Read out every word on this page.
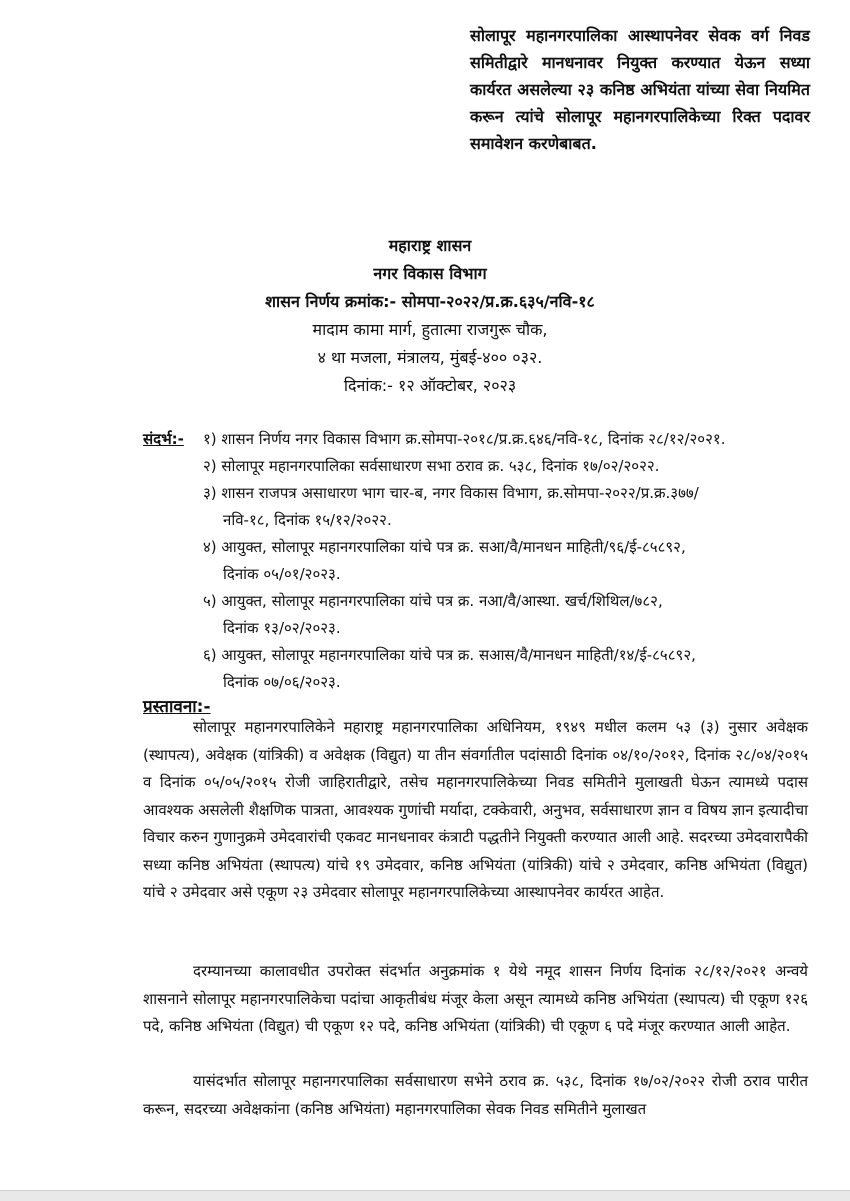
सोलापूर महानगरपालिका आस्थापनेवर सेवक वर्ग निवड समितीद्वारे मानधनावर नियुक्त करण्यात येऊन सध्या कार्यरत असलेल्या २३ कनिष्ठ अभियंता यांच्या सेवा नियमित करून त्यांचे सोलापूर महानगरपालिकेच्या रिक्त पदावर समावेशन करणेबाबत.
महाराष्ट्र शासन
नगर विकास विभाग
शासन निर्णय क्रमांक:- सोमपा-२०२२/प्र.क्र.६३५/नवि-१८
मादाम कामा मार्ग, हुतात्मा राजगुरू चौक,
४ था मजला, मंत्रालय, मुंबई-४०० ०३२.
दिनांक:- १२ ऑक्टोबर, २०२३
संदर्भ:- १) शासन निर्णय नगर विकास विभाग क्र.सोमपा-२०१८/प्र.क्र.६४६/नवि-१८, दिनांक २८/१२/२०२१.
२) सोलापूर महानगरपालिका सर्वसाधारण सभा ठराव क्र. ५३८, दिनांक १७/०२/२०२२.
३) शासन राजपत्र असाधारण भाग चार-ब, नगर विकास विभाग, क्र.सोमपा-२०२२/प्र.क्र.३७७/
नवि-१८, दिनांक १५/१२/२०२२.
४) आयुक्त, सोलापूर महानगरपालिका यांचे पत्र क्र. सआ/वै/मानधन माहिती/९६/ई-८५८९२,
दिनांक ०५/०१/२०२३.
५) आयुक्त, सोलापूर महानगरपालिका यांचे पत्र क्र. नआ/वै/आस्था. खर्च/शिथिल/७८२,
दिनांक १३/०२/२०२३.
६) आयुक्त, सोलापूर महानगरपालिका यांचे पत्र क्र. सआस/वै/मानधन माहिती/१४/ई-८५८९२,
दिनांक ०७/०६/२०२३.
प्रस्तावना:-

सोलापूर महानगरपालिकेने महाराष्ट्र महानगरपालिका अधिनियम, १९४९ मधील कलम ५३ (३) नुसार अवेक्षक (स्थापत्य), अवेक्षक (यांत्रिकी) व अवेक्षक (विद्युत) या तीन संवर्गातील पदांसाठी दिनांक ०४/१०/२०१२, दिनांक २८/०४/२०१५ व दिनांक ०५/०५/२०१५ रोजी जाहिरातीद्वारे, तसेच महानगरपालिकेच्या निवड समितीने मुलाखती घेऊन त्यामध्ये पदास आवश्यक असलेली शैक्षणिक पात्रता, आवश्यक गुणांची मर्यादा, टक्केवारी, अनुभव, सर्वसाधारण ज्ञान व विषय ज्ञान इत्यादीचा विचार करुन गुणानुक्रमे उमेदवारांची एकवट मानधनावर कंत्राटी पद्धतीने नियुक्ती करण्यात आली आहे. सदरच्या उमेदवारापैकी सध्या कनिष्ठ अभियंता (स्थापत्य) यांचे १९ उमेदवार, कनिष्ठ अभियंता (यांत्रिकी) यांचे २ उमेदवार, कनिष्ठ अभियंता (विद्युत) यांचे २ उमेदवार असे एकूण २३ उमेदवार सोलापूर महानगरपालिकेच्या आस्थापनेवर कार्यरत आहेत.

दरम्यानच्या कालावधीत उपरोक्त संदर्भात अनुक्रमांक १ येथे नमूद शासन निर्णय दिनांक २८/१२/२०२१ अन्वये शासनाने सोलापूर महानगरपालिकेचा पदांचा आकृतीबंध मंजूर केला असून त्यामध्ये कनिष्ठ अभियंता (स्थापत्य) ची एकूण १२६ पदे, कनिष्ठ अभियंता (विद्युत) ची एकूण १२ पदे, कनिष्ठ अभियंता (यांत्रिकी) ची एकूण ६ पदे मंजूर करण्यात आली आहेत.

यासंदर्भात सोलापूर महानगरपालिका सर्वसाधारण सभेने ठराव क्र. ५३८, दिनांक १७/०२/२०२२ रोजी ठराव पारीत करून, सदरच्या अवेक्षकांना (कनिष्ठ अभियंता) महानगरपालिका सेवक निवड समितीने मुलाखत
